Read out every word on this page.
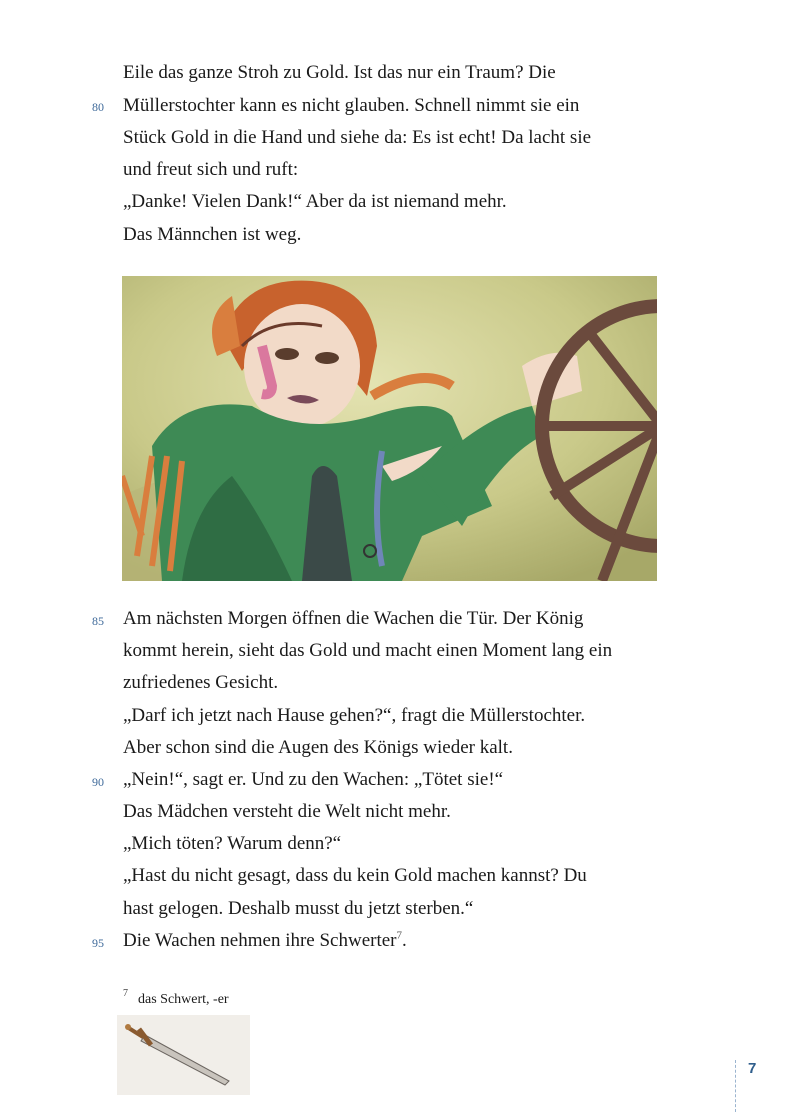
Eile das ganze Stroh zu Gold. Ist das nur ein Traum? Die
Müllerstochter kann es nicht glauben. Schnell nimmt sie ein
Stück Gold in die Hand und siehe da: Es ist echt! Da lacht sie
und freut sich und ruft:
„Danke! Vielen Dank!“ Aber da ist niemand mehr.
Das Männchen ist weg.
80
85	Am nächsten Morgen öffnen die Wachen die Tür. Der König
kommt herein, sieht das Gold und macht einen Moment lang ein
zufriedenes Gesicht.
„Darf ich jetzt nach Hause gehen?“, fragt die Müllerstochter.
Aber schon sind die Augen des Königs wieder kalt.
90	„Nein!“, sagt er. Und zu den Wachen: „Tötet sie!“
Das Mädchen versteht die Welt nicht mehr.
„Mich töten? Warum denn?“
„Hast du nicht gesagt, dass du kein Gold machen kannst? Du
hast gelogen. Deshalb musst du jetzt sterben.“
95	Die Wachen nehmen ihre Schwerter$^7$.
7 das Schwert, -er
7
